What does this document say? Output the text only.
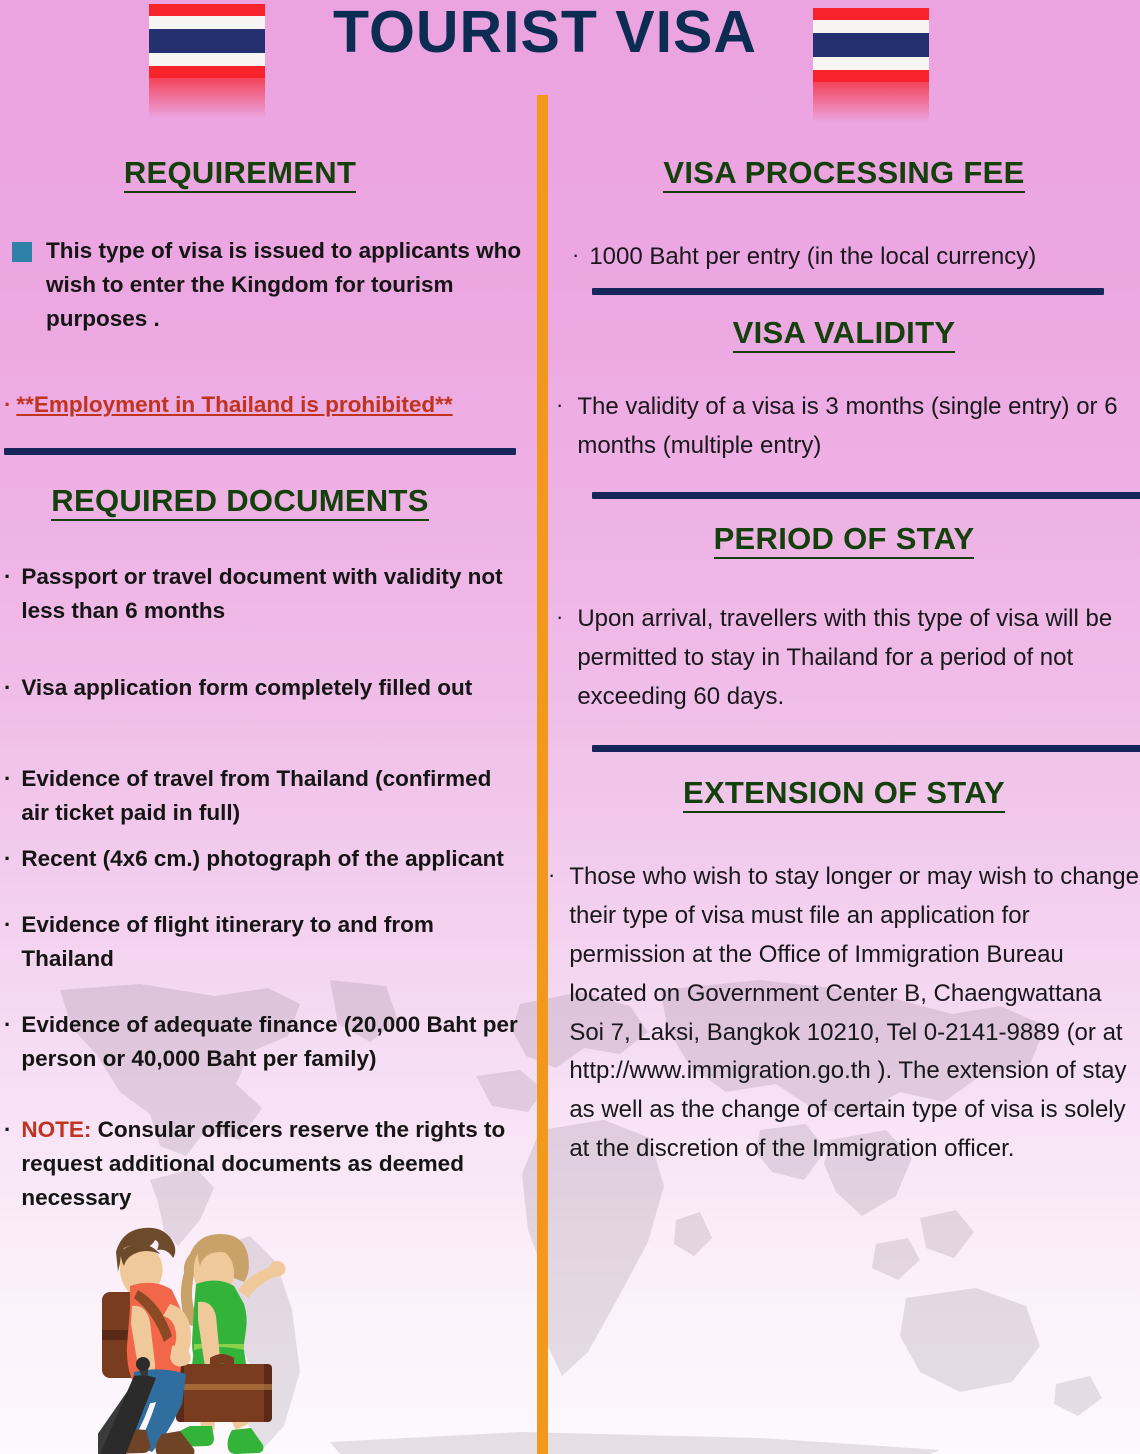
TOURIST VISA
REQUIREMENT
This type of visa is issued to applicants who wish to enter the Kingdom for tourism purposes .
· **Employment in Thailand is prohibited**
REQUIRED DOCUMENTS
· Passport or travel document with validity not less than 6 months
· Visa application form completely filled out
· Evidence of flight itinerary to and from Thailand
· Evidence of travel from Thailand (confirmed air ticket paid in full)
· Recent (4x6 cm.) photograph of the applicant
· Evidence of adequate finance (20,000 Baht per person or 40,000 Baht per family)
· NOTE: Consular officers reserve the rights to request additional documents as deemed necessary
VISA PROCESSING FEE
· 1000 Baht per entry (in the local currency)
VISA VALIDITY
· The validity of a visa is 3 months (single entry) or 6 months (multiple entry)
PERIOD OF STAY
· Upon arrival, travellers with this type of visa will be permitted to stay in Thailand for a period of not exceeding 60 days.
EXTENSION OF STAY
· Those who wish to stay longer or may wish to change their type of visa must file an application for permission at the Office of Immigration Bureau located on Government Center B, Chaengwattana Soi 7, Laksi, Bangkok 10210, Tel 0-2141-9889 (or at http://www.immigration.go.th ). The extension of stay as well as the change of certain type of visa is solely at the discretion of the Immigration officer.
